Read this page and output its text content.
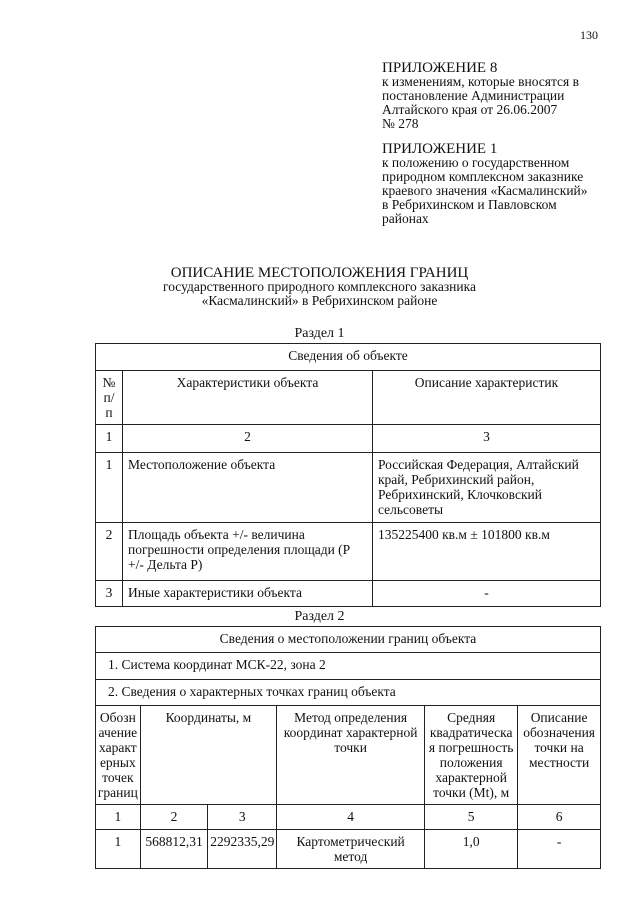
130
ПРИЛОЖЕНИЕ 8
к изменениям, которые вносятся в
постановление Администрации
Алтайского края от 26.06.2007
№ 278
ПРИЛОЖЕНИЕ 1
к положению о государственном
природном комплексном заказнике
краевого значения «Касмалинский»
в Ребрихинском и Павловском
районах
ОПИСАНИЕ МЕСТОПОЛОЖЕНИЯ ГРАНИЦ
государственного природного комплексного заказника
«Касмалинский» в Ребрихинском районе
Раздел 1
Сведения об объекте		
№ п/п	Характеристики объекта	Описание характеристик
1	2	3
1	Местоположение объекта	Российская Федерация, Алтайский край, Ребрихинский район, Ребрихинский, Клочковский сельсоветы
2	Площадь объекта +/- величина погрешности определения площади (Р +/- Дельта Р)	135225400 кв.м ± 101800 кв.м
3	Иные характеристики объекта	-
Раздел 2
Сведения о местоположении границ объекта					
1. Система координат МСК-22, зона 2					
2. Сведения о характерных точках границ объекта					
Обозн ачение характ ерных точек границ	Координаты, м		Метод определения координат характерной точки	Средняя квадратическа я погрешность положения характерной точки (Mt), м	Описание обозначения точки на местности
1	2	3	4	5	6
1	568812,31	2292335,29	Картометрический метод	1,0	-
